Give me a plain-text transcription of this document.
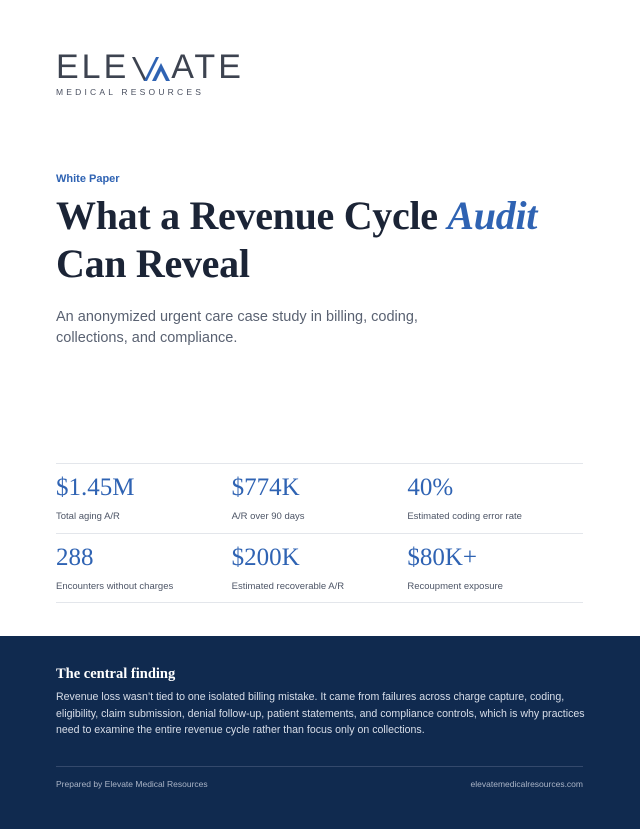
ELE ATE
MEDICAL RESOURCES
White Paper
What a Revenue Cycle Audit
Can Reveal

An anonymized urgent care case study in billing, coding, collections, and compliance.

$1.45M
Total aging A/R
$774K
A/R over 90 days
40%
Estimated coding error rate
288
Encounters without charges
$200K
Estimated recoverable A/R
$80K+
Recoupment exposure
The central finding

Revenue loss wasn’t tied to one isolated billing mistake. It came from failures across charge capture, coding, eligibility, claim submission, denial follow-up, patient statements, and compliance controls, which is why practices need to examine the entire revenue cycle rather than focus only on collections.

Prepared by Elevate Medical Resources	elevatemedicalresources.com
